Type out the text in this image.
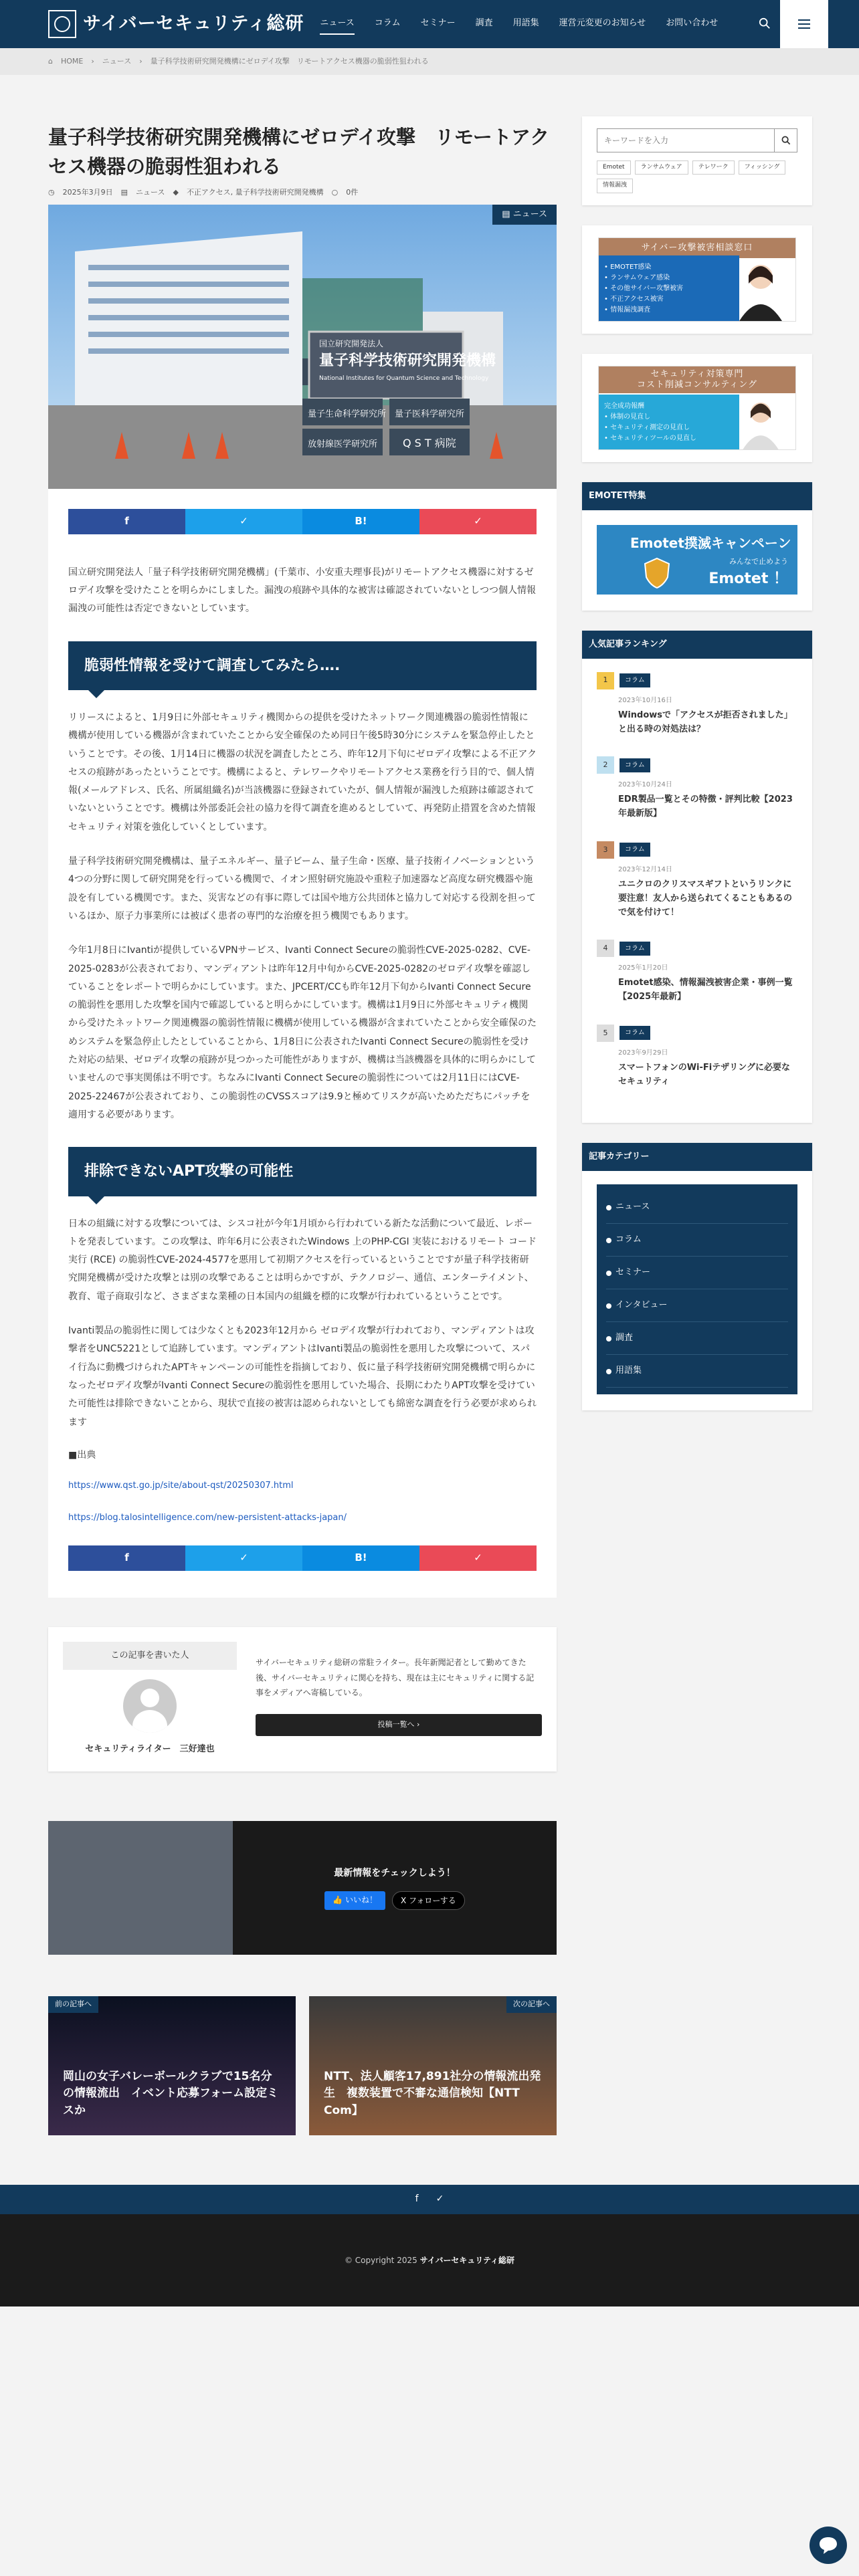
サイバーセキュリティ総研 ニュース コラム セミナー 調査 用語集 運営元変更のお知らせ お問い合わせ
⌂ HOME › ニュース › 量子科学技術研究開発機構にゼロデイ攻撃　リモートアクセス機器の脆弱性狙われる
量子科学技術研究開発機構にゼロデイ攻撃　リモートアクセス機器の脆弱性狙われる
◷ 2025年3月9日 ▤ ニュース ◆ 不正アクセス, 量子科学技術研究開発機構 ○ 0件
国立研究開発法人
量子科学技術研究開発機構
National Institutes for Quantum Science and Technology
量子生命科学研究所 量子医科学研究所
放射線医学研究所 Q S T 病院
▤ ニュース
f	✓	B!	✓

国立研究開発法人「量子科学技術研究開発機構」(千葉市、小安重夫理事長)がリモートアクセス機器に対するゼロデイ攻撃を受けたことを明らかにしました。漏洩の痕跡や具体的な被害は確認されていないとしつつ個人情報漏洩の可能性は否定できないとしています。

脆弱性情報を受けて調査してみたら….

リリースによると、1月9日に外部セキュリティ機関からの提供を受けたネットワーク関連機器の脆弱性情報に機構が使用している機器が含まれていたことから安全確保のため同日午後5時30分にシステムを緊急停止したということです。その後、1月14日に機器の状況を調査したところ、昨年12月下旬にゼロデイ攻撃による不正アクセスの痕跡があったということです。機構によると、テレワークやリモートアクセス業務を行う目的で、個人情報(メールアドレス、氏名、所属組織名)が当該機器に登録されていたが、個人情報が漏洩した痕跡は確認されていないということです。機構は外部委託会社の協力を得て調査を進めるとしていて、再発防止措置を含めた情報セキュリティ対策を強化していくとしています。

量子科学技術研究開発機構は、量子エネルギー、量子ビーム、量子生命・医療、量子技術イノベーションという4つの分野に関して研究開発を行っている機関で、イオン照射研究施設や重粒子加速器など高度な研究機器や施設を有している機関です。また、災害などの有事に際しては国や地方公共団体と協力して対応する役割を担っているほか、原子力事業所には被ばく患者の専門的な治療を担う機関でもあります。

今年1月8日にIvantiが提供しているVPNサービス、Ivanti Connect Secureの脆弱性CVE-2025-0282、CVE-2025-0283が公表されており、マンディアントは昨年12月中旬からCVE-2025-0282のゼロデイ攻撃を確認していることをレポートで明らかにしています。また、JPCERT/CCも昨年12月下旬からIvanti Connect Secureの脆弱性を悪用した攻撃を国内で確認していると明らかにしています。機構は1月9日に外部セキュリティ機関から受けたネットワーク関連機器の脆弱性情報に機構が使用している機器が含まれていたことから安全確保のためシステムを緊急停止したとしていることから、1月8日に公表されたIvanti Connect Secureの脆弱性を受けた対応の結果、ゼロデイ攻撃の痕跡が見つかった可能性がありますが、機構は当該機器を具体的に明らかにしていませんので事実関係は不明です。ちなみにIvanti Connect Secureの脆弱性については2月11日にはCVE-2025-22467が公表されており、この脆弱性のCVSSスコアは9.9と極めてリスクが高いためただちにパッチを適用する必要があります。

排除できないAPT攻撃の可能性

日本の組織に対する攻撃については、シスコ社が今年1月頃から行われている新たな活動について最近、レポートを発表しています。この攻撃は、昨年6月に公表されたWindows 上のPHP-CGI 実装におけるリモート コード実行 (RCE) の脆弱性CVE-2024-4577を悪用して初期アクセスを行っているということですが量子科学技術研究開発機構が受けた攻撃とは別の攻撃であることは明らかですが、テクノロジー、通信、エンターテイメント、教育、電子商取引など、さまざまな業種の日本国内の組織を標的に攻撃が行われているということです。

Ivanti製品の脆弱性に関しては少なくとも2023年12月から ゼロデイ攻撃が行われており、マンディアントは攻撃者をUNC5221として追跡しています。マンディアントはIvanti製品の脆弱性を悪用した攻撃について、スパイ行為に動機づけられたAPTキャンペーンの可能性を指摘しており、仮に量子科学技術研究開発機構で明らかになったゼロデイ攻撃がIvanti Connect Secureの脆弱性を悪用していた場合、長期にわたりAPT攻撃を受けていた可能性は排除できないことから、現状で直接の被害は認められないとしても綿密な調査を行う必要が求められます

■出典
https://www.qst.go.jp/site/about-qst/20250307.html
https://blog.talosintelligence.com/new-persistent-attacks-japan/
f	✓	B!	✓
この記事を書いた人
セキュリティライター　三好達也
サイバーセキュリティ総研の常駐ライター。長年新聞記者として勤めてきた後、サイバーセキュリティに関心を持ち、現在は主にセキュリティに関する記事をメディアへ寄稿している。
投稿一覧へ ›
最新情報をチェックしよう！
👍 いいね！	X フォローする
前の記事へ
岡山の女子バレーボールクラブで15名分の情報流出　イベント応募フォーム設定ミスか
次の記事へ
NTT、法人顧客17,891社分の情報流出発生　複数装置で不審な通信検知【NTT Com】
キーワードを入力
Emotet	ランサムウェア	テレワーク	フィッシング
情報漏洩
サイバー攻撃被害相談窓口
• EMOTET感染
• ランサムウェア感染
• その他サイバー攻撃被害
• 不正アクセス被害
• 情報漏洩調査
セキュリティ対策専門
コスト削減コンサルティング
完全成功報酬
• 体制の見直し
• セキュリティ測定の見直し
• セキュリティツールの見直し
EMOTET特集
Emotet撲滅キャンペーン
みんなで止めよう
Emotet ！
人気記事ランキング
1	コラム
2023年10月16日
Windowsで「アクセスが拒否されました」と出る時の対処法は？
2	コラム
2023年10月24日
EDR製品一覧とその特徴・評判比較【2023年最新版】
3	コラム
2023年12月14日
ユニクロのクリスマスギフトというリンクに要注意！友人から送られてくることもあるので気を付けて！
4	コラム
2025年1月20日
Emotet感染、情報漏洩被害企業・事例一覧【2025年最新】
5	コラム
2023年9月29日
スマートフォンのWi-Fiテザリングに必要なセキュリティ
記事カテゴリー
ニュース
コラム
セミナー
インタビュー
調査
用語集
f ✓
© Copyright 2025
サイバーセキュリティ総研
